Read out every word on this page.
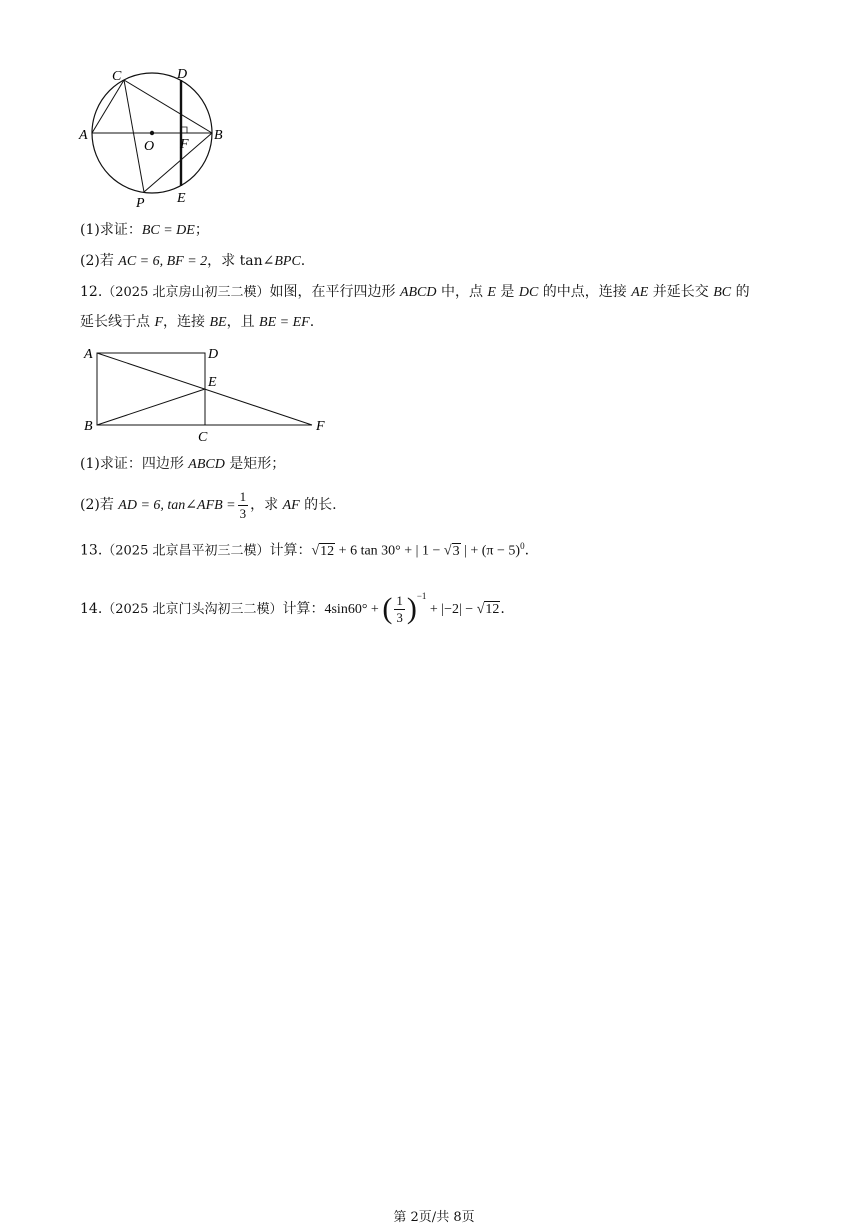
C	D
A
O F
B
P E
(1)求证：BC = DE；
(2)若 AC = 6, BF = 2，求 tan∠BPC.
12.（2025 北京房山初三二模）如图，在平行四边形 ABCD 中，点 E 是 DC 的中点，连接 AE 并延长交 BC 的
延长线于点 F，连接 BE，且 BE = EF.
A	D
E
B
C
F
(1)求证：四边形 ABCD 是矩形；
(2)若 AD = 6, tan∠AFB = $\frac{1}{3}$ ，求 AF 的长.
13.（2025 北京昌平初三二模）计算：√12 + 6 tan 30° + | 1 − √3 | + $(\pi - 5)^0$.
14.（2025 北京门头沟初三二模）计算：4sin60° + ( $\frac{1}{3} )^{-1} + |-2| - √12$.
第 2页/共 8页
